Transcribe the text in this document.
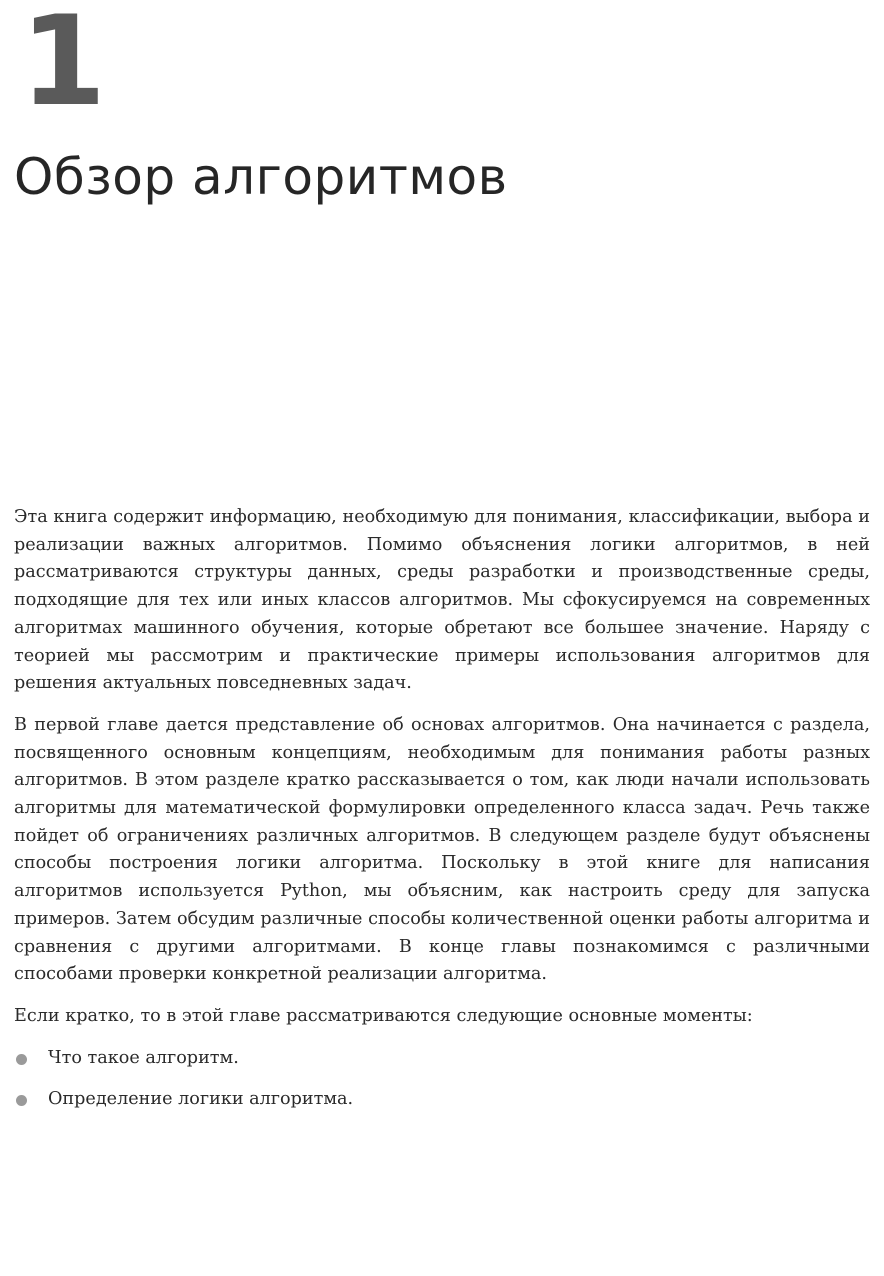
1
Обзор алгоритмов

Эта книга содержит информацию, необходимую для понимания, классификации, выбора и реализации важных алгоритмов. Помимо объяснения логики алгоритмов, в ней рассматриваются структуры данных, среды разработки и производственные среды, подходящие для тех или иных классов алгоритмов. Мы сфокусируемся на современных алгоритмах машинного обучения, которые обретают все большее значение. Наряду с теорией мы рассмотрим и практические примеры использования алгоритмов для решения актуальных повседневных задач.

В первой главе дается представление об основах алгоритмов. Она начинается с раздела, посвященного основным концепциям, необходимым для понимания работы разных алгоритмов. В этом разделе кратко рассказывается о том, как люди начали использовать алгоритмы для математической формулировки определенного класса задач. Речь также пойдет об ограничениях различных алгоритмов. В следующем разделе будут объяснены способы построения логики алгоритма. Поскольку в этой книге для написания алгоритмов используется Python, мы объясним, как настроить среду для запуска примеров. Затем обсудим различные способы количественной оценки работы алгоритма и сравнения с другими алгоритмами. В конце главы познакомимся с различными способами проверки конкретной реализации алгоритма.

Если кратко, то в этой главе рассматриваются следующие основные моменты:

Что такое алгоритм.
Определение логики алгоритма.
